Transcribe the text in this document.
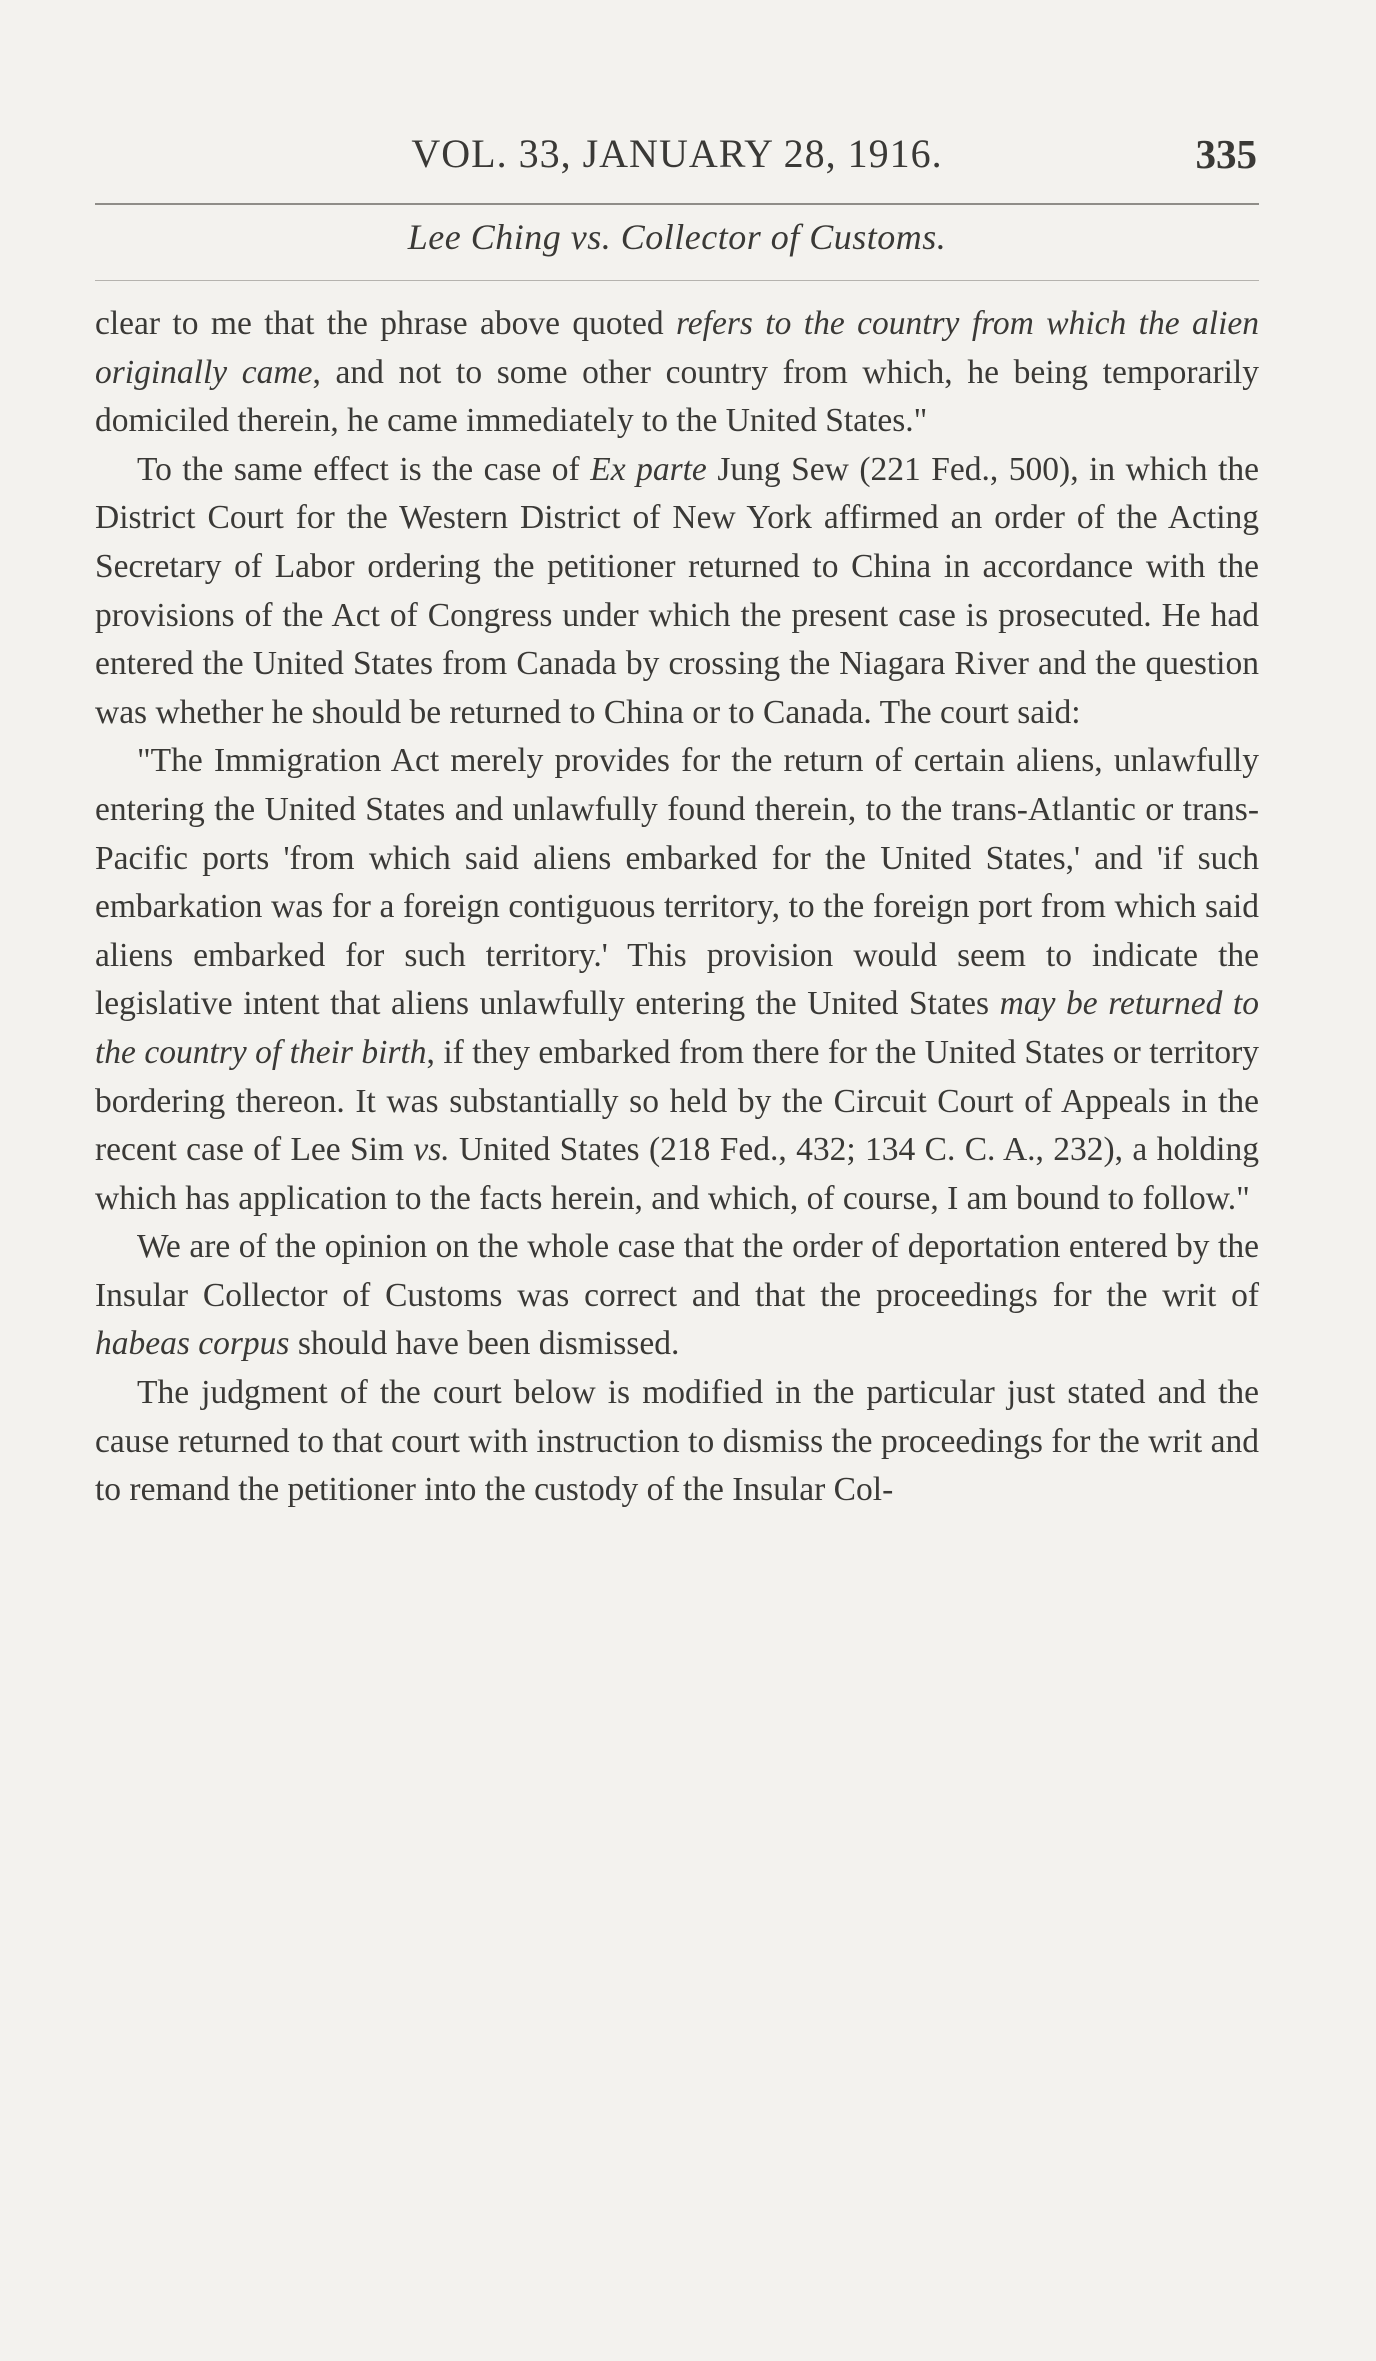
VOL. 33, JANUARY 28, 1916.	335
Lee Ching vs. Collector of Customs.

clear to me that the phrase above quoted refers to the country from which the alien originally came, and not to some other country from which, he being temporarily domiciled therein, he came immediately to the United States."

To the same effect is the case of Ex parte Jung Sew (221 Fed., 500), in which the District Court for the Western District of New York affirmed an order of the Acting Secretary of Labor ordering the petitioner returned to China in accordance with the provisions of the Act of Congress under which the present case is prosecuted. He had entered the United States from Canada by crossing the Niagara River and the question was whether he should be returned to China or to Canada. The court said:

"The Immigration Act merely provides for the return of certain aliens, unlawfully entering the United States and unlawfully found therein, to the trans-Atlantic or trans-Pacific ports 'from which said aliens embarked for the United States,' and 'if such embarkation was for a foreign contiguous territory, to the foreign port from which said aliens embarked for such territory.' This provision would seem to indicate the legislative intent that aliens unlawfully entering the United States may be returned to the country of their birth, if they embarked from there for the United States or territory bordering thereon. It was substantially so held by the Circuit Court of Appeals in the recent case of Lee Sim vs. United States (218 Fed., 432; 134 C. C. A., 232), a holding which has application to the facts herein, and which, of course, I am bound to follow."

We are of the opinion on the whole case that the order of deportation entered by the Insular Collector of Customs was correct and that the proceedings for the writ of habeas corpus should have been dismissed.

The judgment of the court below is modified in the particular just stated and the cause returned to that court with instruction to dismiss the proceedings for the writ and to remand the petitioner into the custody of the Insular Col-
